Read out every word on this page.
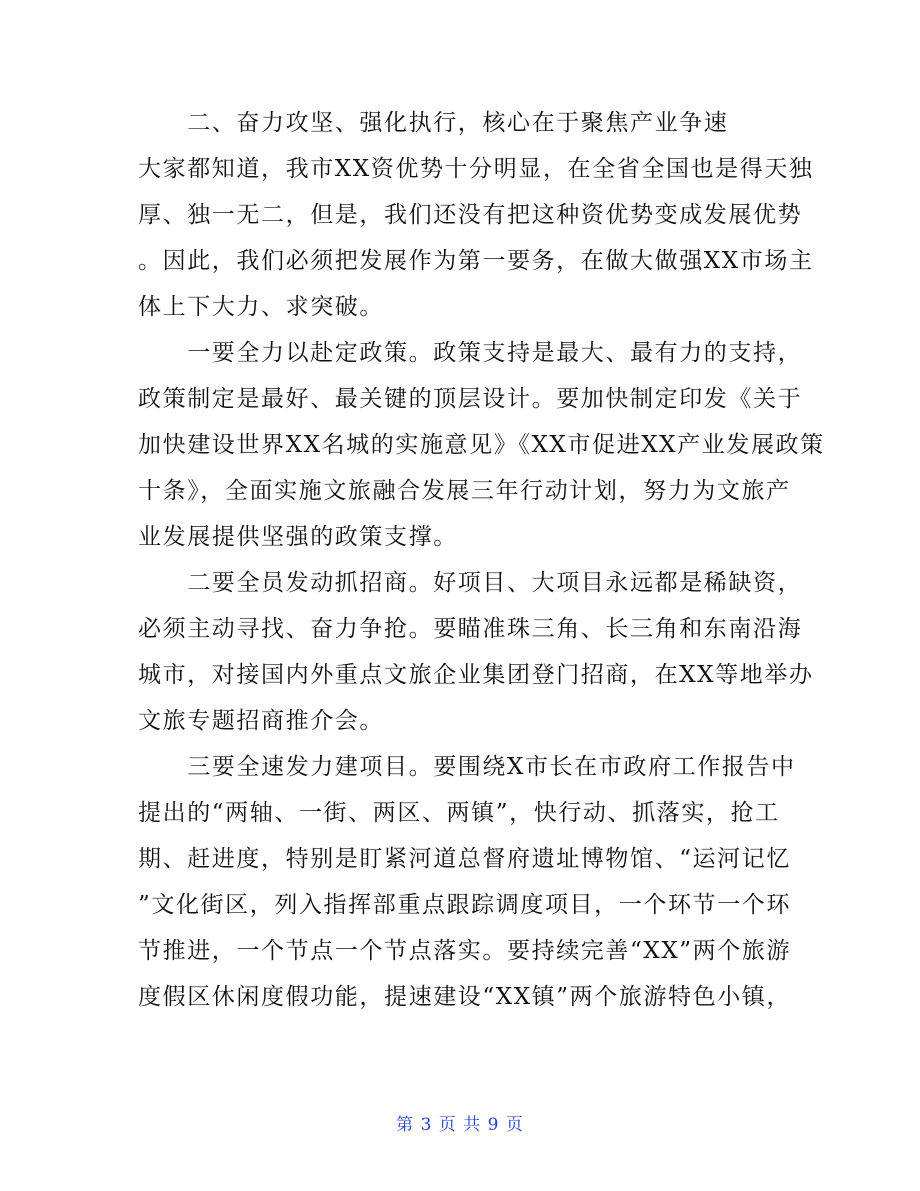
　　二、奋力攻坚、强化执行，核心在于聚焦产业争速
大家都知道，我市XX资优势十分明显，在全省全国也是得天独
厚、独一无二，但是，我们还没有把这种资优势变成发展优势
。因此，我们必须把发展作为第一要务，在做大做强XX市场主
体上下大力、求突破。
　　一要全力以赴定政策。政策支持是最大、最有力的支持，
政策制定是最好、最关键的顶层设计。要加快制定印发《关于
加快建设世界XX名城的实施意见》《XX市促进XX产业发展政策
十条》，全面实施文旅融合发展三年行动计划，努力为文旅产
业发展提供坚强的政策支撑。
　　二要全员发动抓招商。好项目、大项目永远都是稀缺资，
必须主动寻找、奋力争抢。要瞄准珠三角、长三角和东南沿海
城市，对接国内外重点文旅企业集团登门招商，在XX等地举办
文旅专题招商推介会。
　　三要全速发力建项目。要围绕X市长在市政府工作报告中
提出的“两轴、一街、两区、两镇”，快行动、抓落实，抢工
期、赶进度，特别是盯紧河道总督府遗址博物馆、“运河记忆
”文化街区，列入指挥部重点跟踪调度项目，一个环节一个环
节推进，一个节点一个节点落实。要持续完善“XX”两个旅游
度假区休闲度假功能，提速建设“XX镇”两个旅游特色小镇，
第 3 页 共 9 页
